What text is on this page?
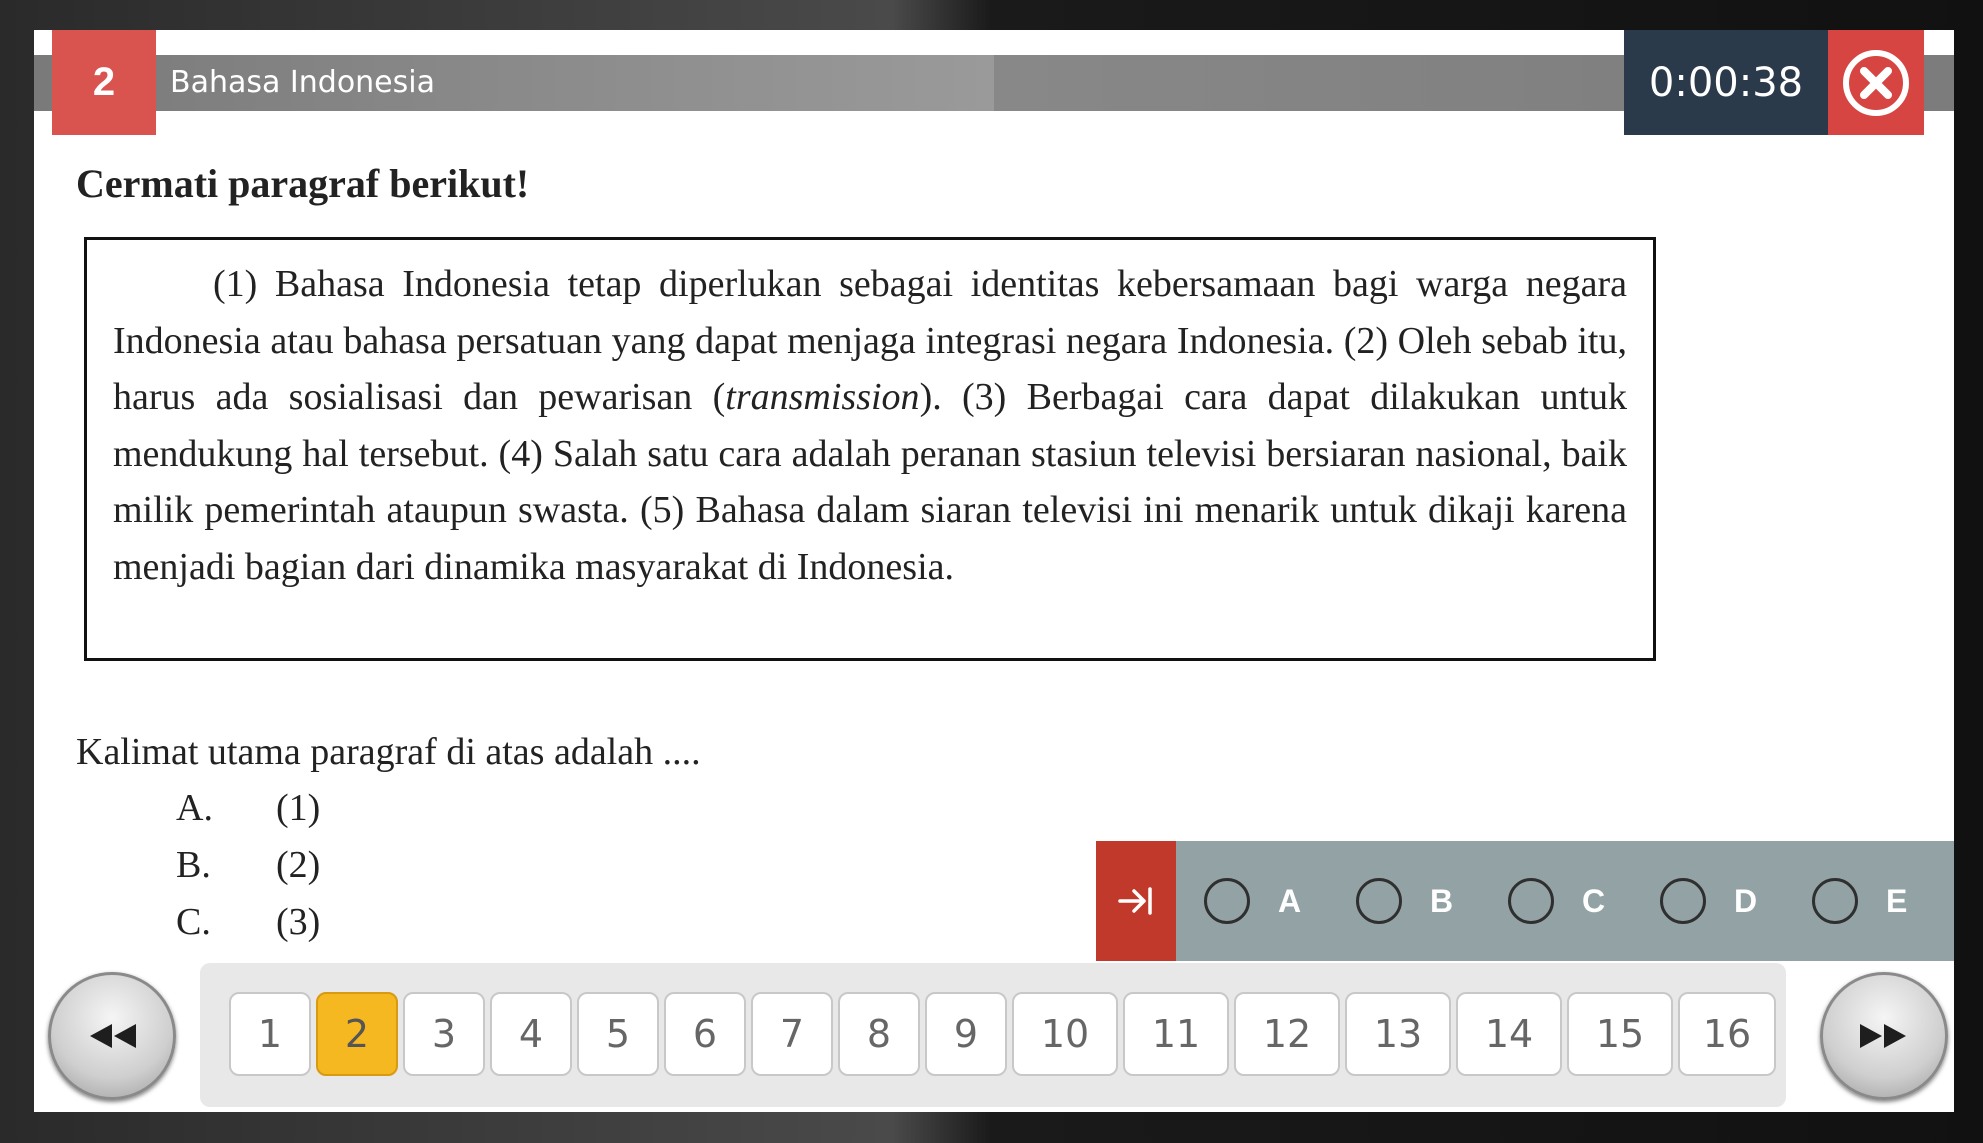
2	Bahasa Indonesia	0:00:38
Cermati paragraf berikut!

(1) Bahasa Indonesia tetap diperlukan sebagai identitas kebersamaan bagi warga negara Indonesia atau bahasa persatuan yang dapat menjaga integrasi negara Indonesia. (2) Oleh sebab itu, harus ada sosialisasi dan pewarisan (transmission). (3) Berbagai cara dapat dilakukan untuk mendukung hal tersebut. (4) Salah satu cara adalah peranan stasiun televisi bersiaran nasional, baik milik pemerintah ataupun swasta. (5) Bahasa dalam siaran televisi ini menarik untuk dikaji karena menjadi bagian dari dinamika masyarakat di Indonesia.

Kalimat utama paragraf di atas adalah ....
A.	(1)
B.	(2)
C.	(3)
A	B	C	D	E
1	2	3	4	5	6	7	8	9	10	11	12	13	14	15	16
